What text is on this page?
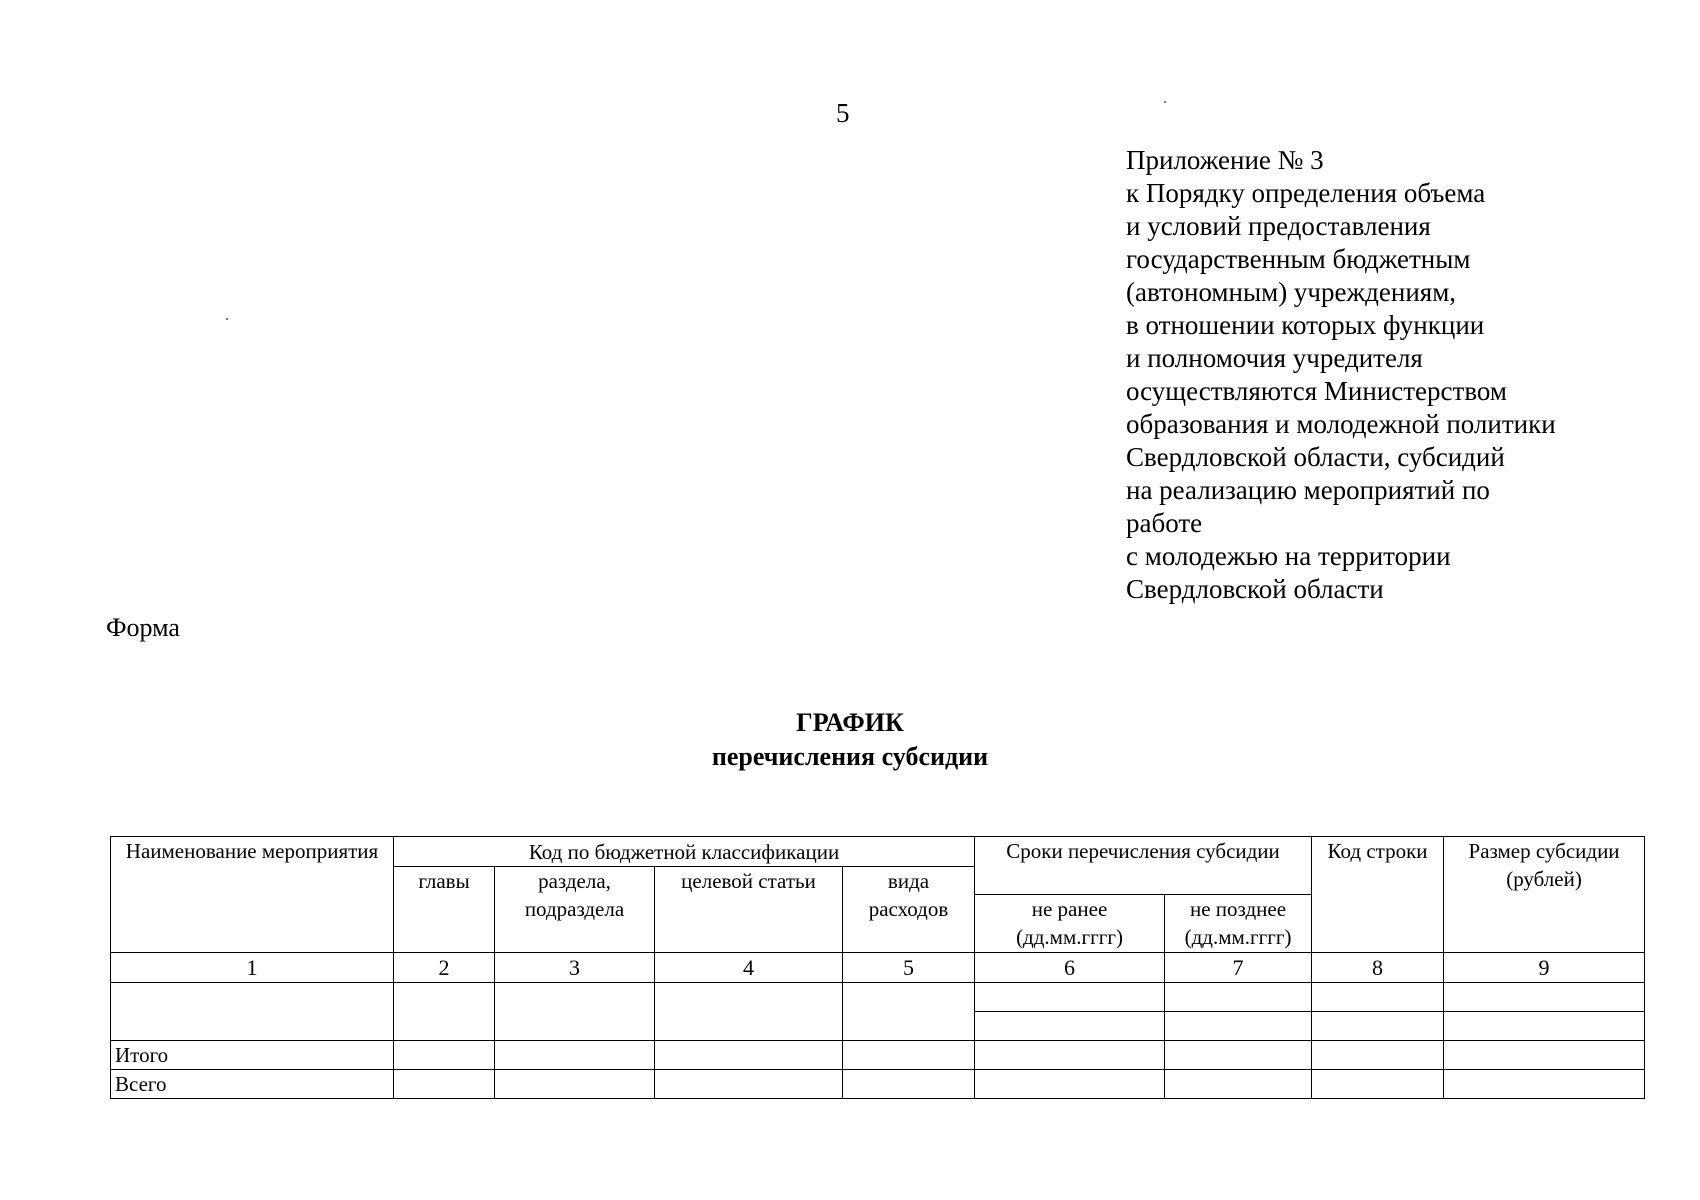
5
Приложение № 3
к Порядку определения объема
и условий предоставления
государственным бюджетным
(автономным) учреждениям,
в отношении которых функции
и полномочия учредителя
осуществляются Министерством
образования и молодежной политики
Свердловской области, субсидий
на реализацию мероприятий по
работе
с молодежью на территории
Свердловской области
Форма
ГРАФИК
перечисления субсидии
Наименование мероприятия	Код по бюджетной классификации				Сроки перечисления субсидии		Код строки	Размер субсидии (рублей)
	главы	раздела, подраздела	целевой статьи	вида расходов				
					не ранее (дд.мм.гггг)	не позднее (дд.мм.гггг)		
1	2	3	4	5	6	7	8	9

Итого								
Всего								
